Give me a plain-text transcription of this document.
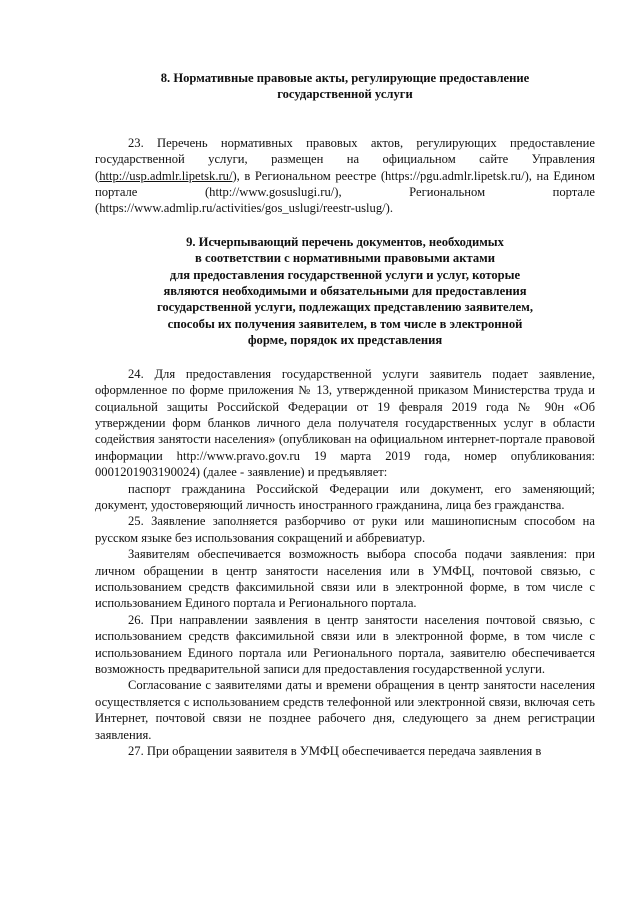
8. Нормативные правовые акты, регулирующие предоставление
государственной услуги

23. Перечень нормативных правовых актов, регулирующих предоставление государственной услуги, размещен на официальном сайте Управления (http://usp.admlr.lipetsk.ru/), в Региональном реестре (https://pgu.admlr.lipetsk.ru/), на Едином портале (http://www.gosuslugi.ru/), Региональном портале (https://www.admlip.ru/activities/gos_uslugi/reestr-uslug/).

9. Исчерпывающий перечень документов, необходимых
в соответствии с нормативными правовыми актами
для предоставления государственной услуги и услуг, которые
являются необходимыми и обязательными для предоставления
государственной услуги, подлежащих представлению заявителем,
способы их получения заявителем, в том числе в электронной
форме, порядок их представления

24. Для предоставления государственной услуги заявитель подает заявление, оформленное по форме приложения № 13, утвержденной приказом Министерства труда и социальной защиты Российской Федерации от 19 февраля 2019 года № 90н «Об утверждении форм бланков личного дела получателя государственных услуг в области содействия занятости населения» (опубликован на официальном интернет-портале правовой информации http://www.pravo.gov.ru 19 марта 2019 года, номер опубликования: 0001201903190024) (далее - заявление) и предъявляет:

паспорт гражданина Российской Федерации или документ, его заменяющий; документ, удостоверяющий личность иностранного гражданина, лица без гражданства.

25. Заявление заполняется разборчиво от руки или машинописным способом на русском языке без использования сокращений и аббревиатур.

Заявителям обеспечивается возможность выбора способа подачи заявления: при личном обращении в центр занятости населения или в УМФЦ, почтовой связью, с использованием средств факсимильной связи или в электронной форме, в том числе с использованием Единого портала и Регионального портала.

26. При направлении заявления в центр занятости населения почтовой связью, с использованием средств факсимильной связи или в электронной форме, в том числе с использованием Единого портала или Регионального портала, заявителю обеспечивается возможность предварительной записи для предоставления государственной услуги.

Согласование с заявителями даты и времени обращения в центр занятости населения осуществляется с использованием средств телефонной или электронной связи, включая сеть Интернет, почтовой связи не позднее рабочего дня, следующего за днем регистрации заявления.

27. При обращении заявителя в УМФЦ обеспечивается передача заявления в
